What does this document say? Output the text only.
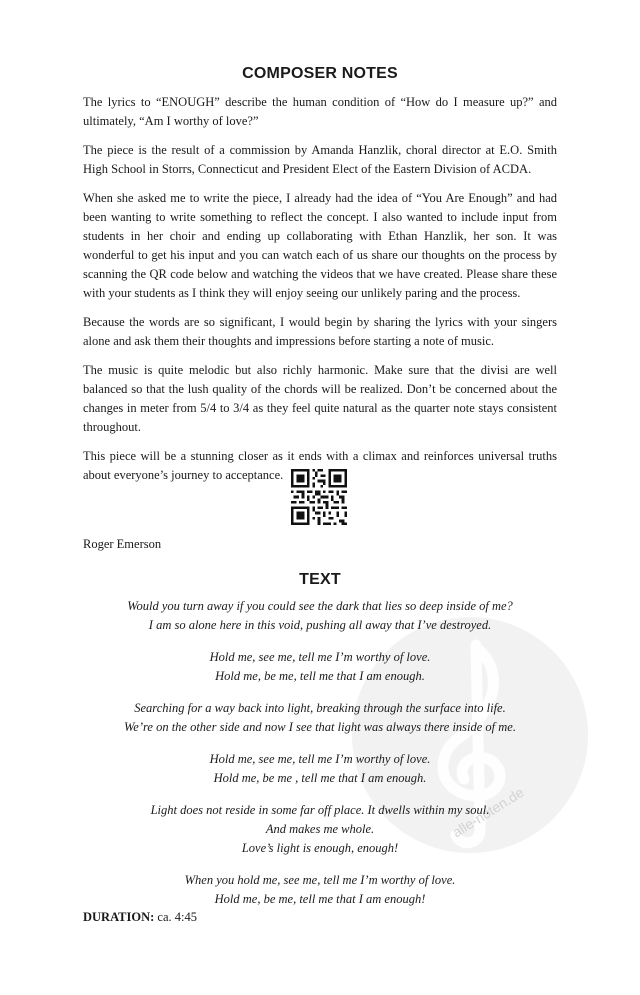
COMPOSER NOTES

The lyrics to “ENOUGH” describe the human condition of “How do I measure up?” and ultimately, “Am I worthy of love?”

The piece is the result of a commission by Amanda Hanzlik, choral director at E.O. Smith High School in Storrs, Connecticut and President Elect of the Eastern Division of ACDA.

When she asked me to write the piece, I already had the idea of “You Are Enough” and had been wanting to write something to reflect the concept. I also wanted to include input from students in her choir and ending up collaborating with Ethan Hanzlik, her son. It was wonderful to get his input and you can watch each of us share our thoughts on the process by scanning the QR code below and watching the videos that we have created. Please share these with your students as I think they will enjoy seeing our unlikely paring and the process.

Because the words are so significant, I would begin by sharing the lyrics with your singers alone and ask them their thoughts and impressions before starting a note of music.

The music is quite melodic but also richly harmonic. Make sure that the divisi are well balanced so that the lush quality of the chords will be realized. Don’t be concerned about the changes in meter from 5/4 to 3/4 as they feel quite natural as the quarter note stays consistent throughout.

This piece will be a stunning closer as it ends with a climax and reinforces universal truths about everyone’s journey to acceptance.

Roger Emerson
alle-noten.de
TEXT
Would you turn away if you could see the dark that lies so deep inside of me?
I am so alone here in this void, pushing all away that I’ve destroyed.
Hold me, see me, tell me I’m worthy of love.
Hold me, be me, tell me that I am enough.
Searching for a way back into light, breaking through the surface into life.
We’re on the other side and now I see that light was always there inside of me.
Hold me, see me, tell me I’m worthy of love.
Hold me, be me , tell me that I am enough.
Light does not reside in some far off place. It dwells within my soul.
And makes me whole.
Love’s light is enough, enough!
When you hold me, see me, tell me I’m worthy of love.
Hold me, be me, tell me that I am enough!
DURATION: ca. 4:45
